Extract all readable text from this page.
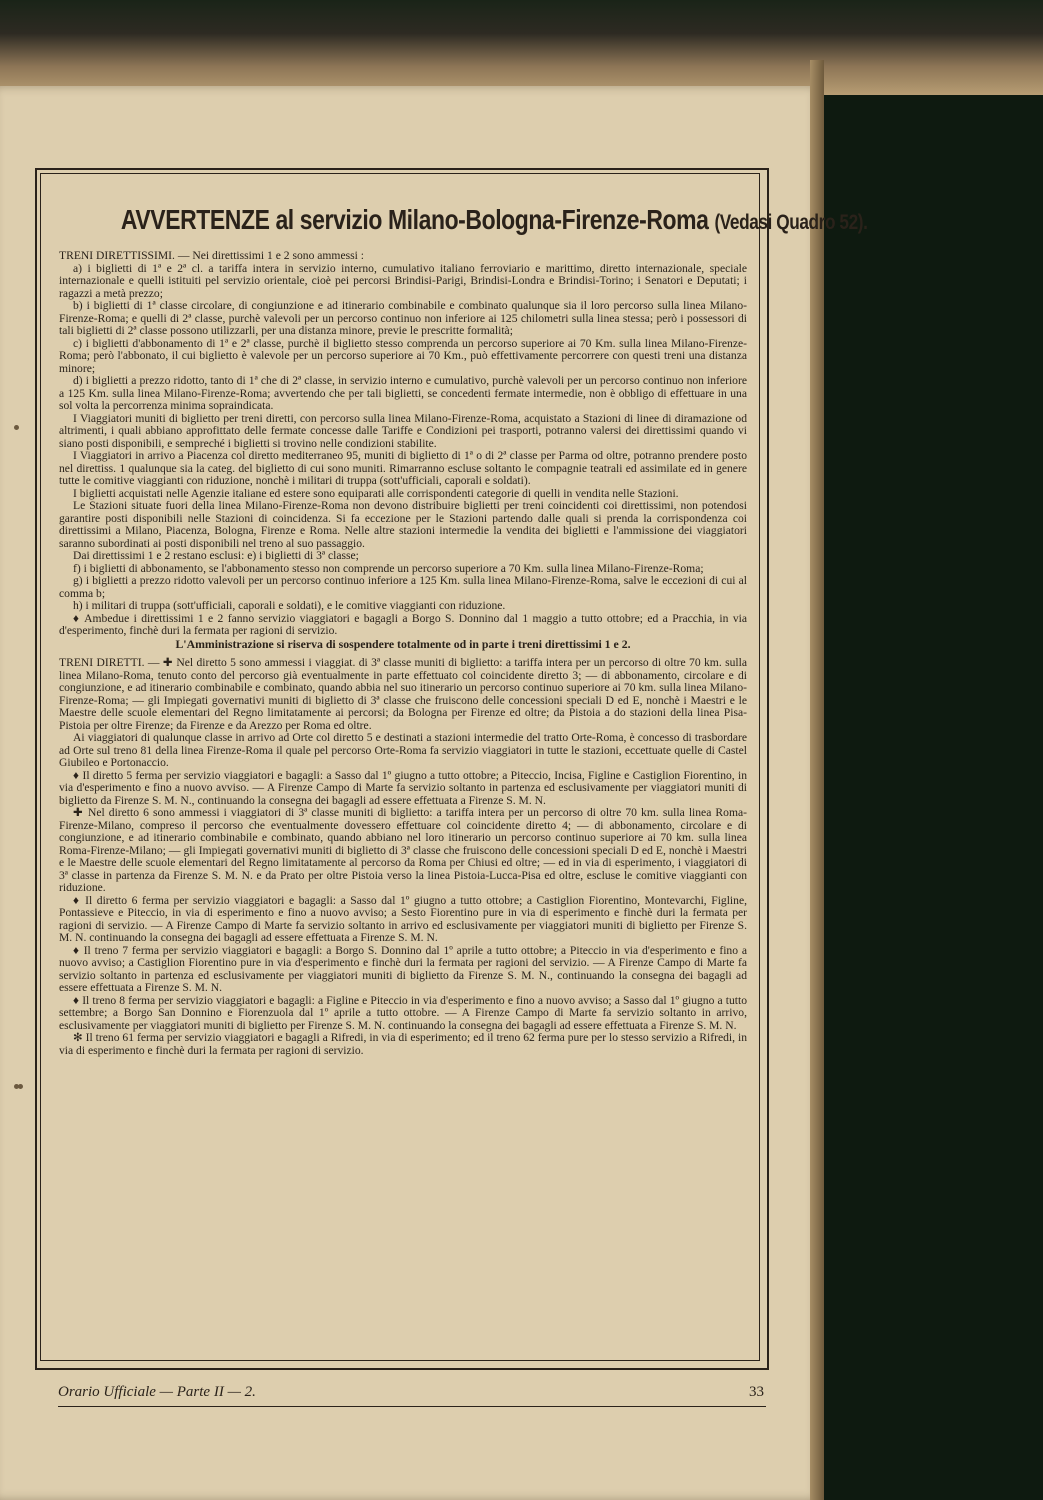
AVVERTENZE al servizio Milano-Bologna-Firenze-Roma (Vedasi Quadro 52).

TRENI DIRETTISSIMI. — Nei direttissimi 1 e 2 sono ammessi :

a) i biglietti di 1ª e 2ª cl. a tariffa intera in servizio interno, cumulativo italiano ferroviario e marittimo, diretto internazionale, speciale internazionale e quelli istituiti pel servizio orientale, cioè pei percorsi Brindisi-Parigi, Brindisi-Londra e Brindisi-Torino; i Senatori e Deputati; i ragazzi a metà prezzo;

b) i biglietti di 1ª classe circolare, di congiunzione e ad itinerario combinabile e combinato qualunque sia il loro percorso sulla linea Milano-Firenze-Roma; e quelli di 2ª classe, purchè valevoli per un percorso continuo non inferiore ai 125 chilometri sulla linea stessa; però i possessori di tali biglietti di 2ª classe possono utilizzarli, per una distanza minore, previe le prescritte formalità;

c) i biglietti d'abbonamento di 1ª e 2ª classe, purchè il biglietto stesso comprenda un percorso superiore ai 70 Km. sulla linea Milano-Firenze-Roma; però l'abbonato, il cui biglietto è valevole per un percorso superiore ai 70 Km., può effettivamente percorrere con questi treni una distanza minore;

d) i biglietti a prezzo ridotto, tanto di 1ª che di 2ª classe, in servizio interno e cumulativo, purchè valevoli per un percorso continuo non inferiore a 125 Km. sulla linea Milano-Firenze-Roma; avvertendo che per tali biglietti, se concedenti fermate intermedie, non è obbligo di effettuare in una sol volta la percorrenza minima sopraindicata.

I Viaggiatori muniti di biglietto per treni diretti, con percorso sulla linea Milano-Firenze-Roma, acquistato a Stazioni di linee di diramazione od altrimenti, i quali abbiano approfittato delle fermate concesse dalle Tariffe e Condizioni pei trasporti, potranno valersi dei direttissimi quando vi siano posti disponibili, e sempreché i biglietti si trovino nelle condizioni stabilite.

I Viaggiatori in arrivo a Piacenza col diretto mediterraneo 95, muniti di biglietto di 1ª o di 2ª classe per Parma od oltre, potranno prendere posto nel direttiss. 1 qualunque sia la categ. del biglietto di cui sono muniti. Rimarranno escluse soltanto le compagnie teatrali ed assimilate ed in genere tutte le comitive viaggianti con riduzione, nonchè i militari di truppa (sott'ufficiali, caporali e soldati).

I biglietti acquistati nelle Agenzie italiane ed estere sono equiparati alle corrispondenti categorie di quelli in vendita nelle Stazioni.

Le Stazioni situate fuori della linea Milano-Firenze-Roma non devono distribuire biglietti per treni coincidenti coi direttissimi, non potendosi garantire posti disponibili nelle Stazioni di coincidenza. Si fa eccezione per le Stazioni partendo dalle quali si prenda la corrispondenza coi direttissimi a Milano, Piacenza, Bologna, Firenze e Roma. Nelle altre stazioni intermedie la vendita dei biglietti e l'ammissione dei viaggiatori saranno subordinati ai posti disponibili nel treno al suo passaggio.

Dai direttissimi 1 e 2 restano esclusi: e) i biglietti di 3ª classe;

f) i biglietti di abbonamento, se l'abbonamento stesso non comprende un percorso superiore a 70 Km. sulla linea Milano-Firenze-Roma;

g) i biglietti a prezzo ridotto valevoli per un percorso continuo inferiore a 125 Km. sulla linea Milano-Firenze-Roma, salve le eccezioni di cui al comma b;

h) i militari di truppa (sott'ufficiali, caporali e soldati), e le comitive viaggianti con riduzione.

♦ Ambedue i direttissimi 1 e 2 fanno servizio viaggiatori e bagagli a Borgo S. Donnino dal 1 maggio a tutto ottobre; ed a Pracchia, in via d'esperimento, finchè duri la fermata per ragioni di servizio.

L'Amministrazione si riserva di sospendere totalmente od in parte i treni direttissimi 1 e 2.

TRENI DIRETTI. — ✚ Nel diretto 5 sono ammessi i viaggiat. di 3ª classe muniti di biglietto: a tariffa intera per un percorso di oltre 70 km. sulla linea Milano-Roma, tenuto conto del percorso già eventualmente in parte effettuato col coincidente diretto 3; — di abbonamento, circolare e di congiunzione, e ad itinerario combinabile e combinato, quando abbia nel suo itinerario un percorso continuo superiore ai 70 km. sulla linea Milano-Firenze-Roma; — gli Impiegati governativi muniti di biglietto di 3ª classe che fruiscono delle concessioni speciali D ed E, nonchè i Maestri e le Maestre delle scuole elementari del Regno limitatamente ai percorsi; da Bologna per Firenze ed oltre; da Pistoia a do stazioni della linea Pisa-Pistoia per oltre Firenze; da Firenze e da Arezzo per Roma ed oltre.

Ai viaggiatori di qualunque classe in arrivo ad Orte col diretto 5 e destinati a stazioni intermedie del tratto Orte-Roma, è concesso di trasbordare ad Orte sul treno 81 della linea Firenze-Roma il quale pel percorso Orte-Roma fa servizio viaggiatori in tutte le stazioni, eccettuate quelle di Castel Giubileo e Portonaccio.

♦ Il diretto 5 ferma per servizio viaggiatori e bagagli: a Sasso dal 1º giugno a tutto ottobre; a Piteccio, Incisa, Figline e Castiglion Fiorentino, in via d'esperimento e fino a nuovo avviso. — A Firenze Campo di Marte fa servizio soltanto in partenza ed esclusivamente per viaggiatori muniti di biglietto da Firenze S. M. N., continuando la consegna dei bagagli ad essere effettuata a Firenze S. M. N.

✚ Nel diretto 6 sono ammessi i viaggiatori di 3ª classe muniti di biglietto: a tariffa intera per un percorso di oltre 70 km. sulla linea Roma-Firenze-Milano, compreso il percorso che eventualmente dovessero effettuare col coincidente diretto 4; — di abbonamento, circolare e di congiunzione, e ad itinerario combinabile e combinato, quando abbiano nel loro itinerario un percorso continuo superiore ai 70 km. sulla linea Roma-Firenze-Milano; — gli Impiegati governativi muniti di biglietto di 3ª classe che fruiscono delle concessioni speciali D ed E, nonchè i Maestri e le Maestre delle scuole elementari del Regno limitatamente al percorso da Roma per Chiusi ed oltre; — ed in via di esperimento, i viaggiatori di 3ª classe in partenza da Firenze S. M. N. e da Prato per oltre Pistoia verso la linea Pistoia-Lucca-Pisa ed oltre, escluse le comitive viaggianti con riduzione.

♦ Il diretto 6 ferma per servizio viaggiatori e bagagli: a Sasso dal 1º giugno a tutto ottobre; a Castiglion Fiorentino, Montevarchi, Figline, Pontassieve e Piteccio, in via di esperimento e fino a nuovo avviso; a Sesto Fiorentino pure in via di esperimento e finchè duri la fermata per ragioni di servizio. — A Firenze Campo di Marte fa servizio soltanto in arrivo ed esclusivamente per viaggiatori muniti di biglietto per Firenze S. M. N. continuando la consegna dei bagagli ad essere effettuata a Firenze S. M. N.

♦ Il treno 7 ferma per servizio viaggiatori e bagagli: a Borgo S. Donnino dal 1º aprile a tutto ottobre; a Piteccio in via d'esperimento e fino a nuovo avviso; a Castiglion Fiorentino pure in via d'esperimento e finchè duri la fermata per ragioni del servizio. — A Firenze Campo di Marte fa servizio soltanto in partenza ed esclusivamente per viaggiatori muniti di biglietto da Firenze S. M. N., continuando la consegna dei bagagli ad essere effettuata a Firenze S. M. N.

♦ Il treno 8 ferma per servizio viaggiatori e bagagli: a Figline e Piteccio in via d'esperimento e fino a nuovo avviso; a Sasso dal 1º giugno a tutto settembre; a Borgo San Donnino e Fiorenzuola dal 1º aprile a tutto ottobre. — A Firenze Campo di Marte fa servizio soltanto in arrivo, esclusivamente per viaggiatori muniti di biglietto per Firenze S. M. N. continuando la consegna dei bagagli ad essere effettuata a Firenze S. M. N.

✻ Il treno 61 ferma per servizio viaggiatori e bagagli a Rifredi, in via di esperimento; ed il treno 62 ferma pure per lo stesso servizio a Rifredi, in via di esperimento e finchè duri la fermata per ragioni di servizio.

Orario Ufficiale — Parte II — 2.	33
